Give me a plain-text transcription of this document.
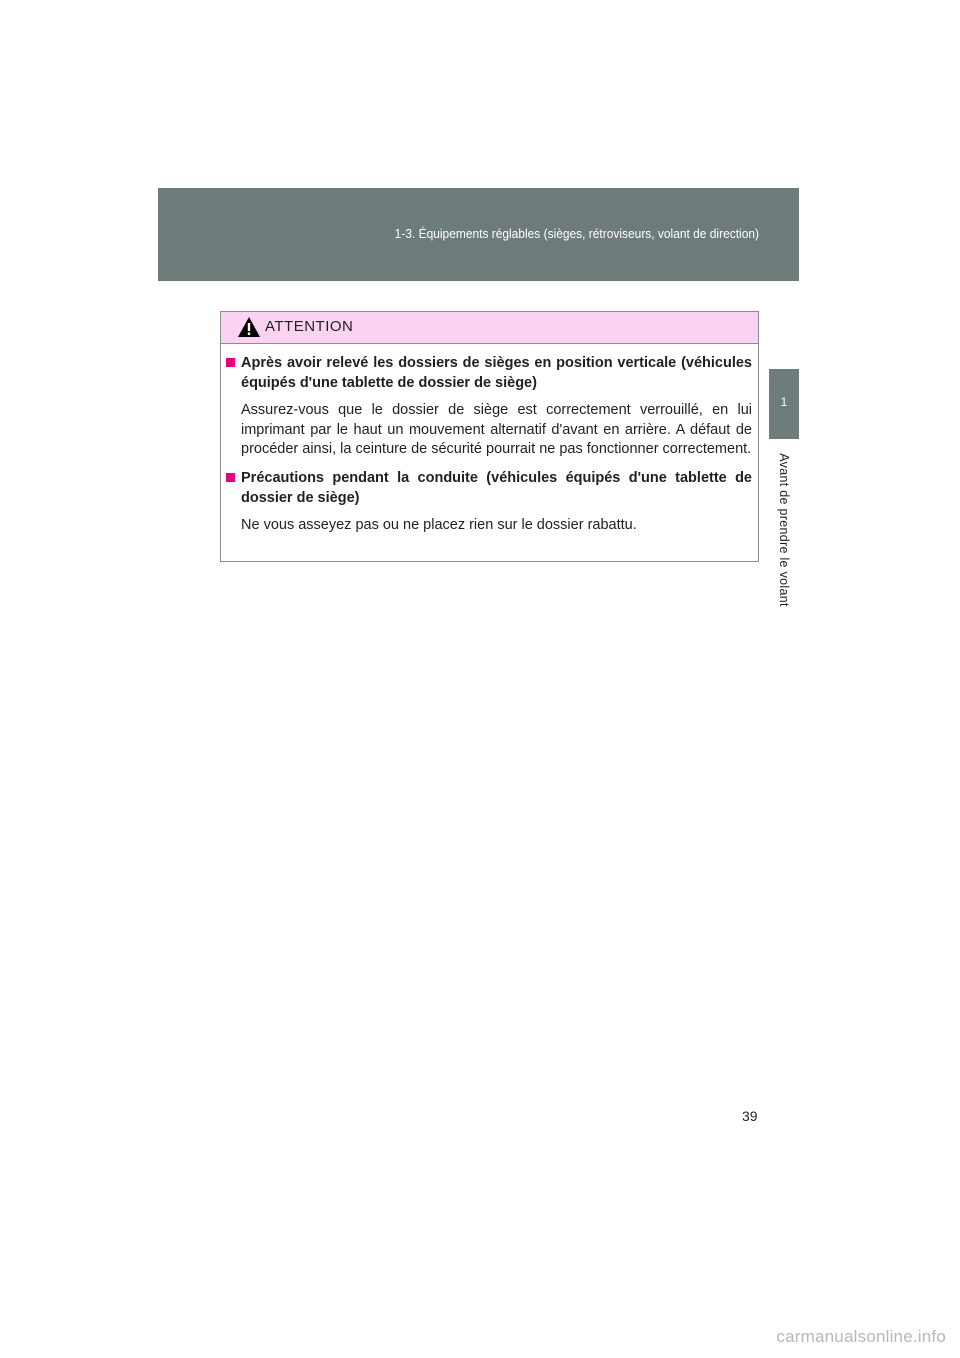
1-3. Équipements réglables (sièges, rétroviseurs, volant de direction)
1
Avant de prendre le volant
ATTENTION
Après avoir relevé les dossiers de sièges en position verticale (véhicules équipés d'une tablette de dossier de siège)
Assurez-vous que le dossier de siège est correctement verrouillé, en lui imprimant par le haut un mouvement alternatif d'avant en arrière. A défaut de procéder ainsi, la ceinture de sécurité pourrait ne pas fonctionner correctement.
Précautions pendant la conduite (véhicules équipés d'une tablette de dossier de siège)
Ne vous asseyez pas ou ne placez rien sur le dossier rabattu.
39
carmanualsonline.info
